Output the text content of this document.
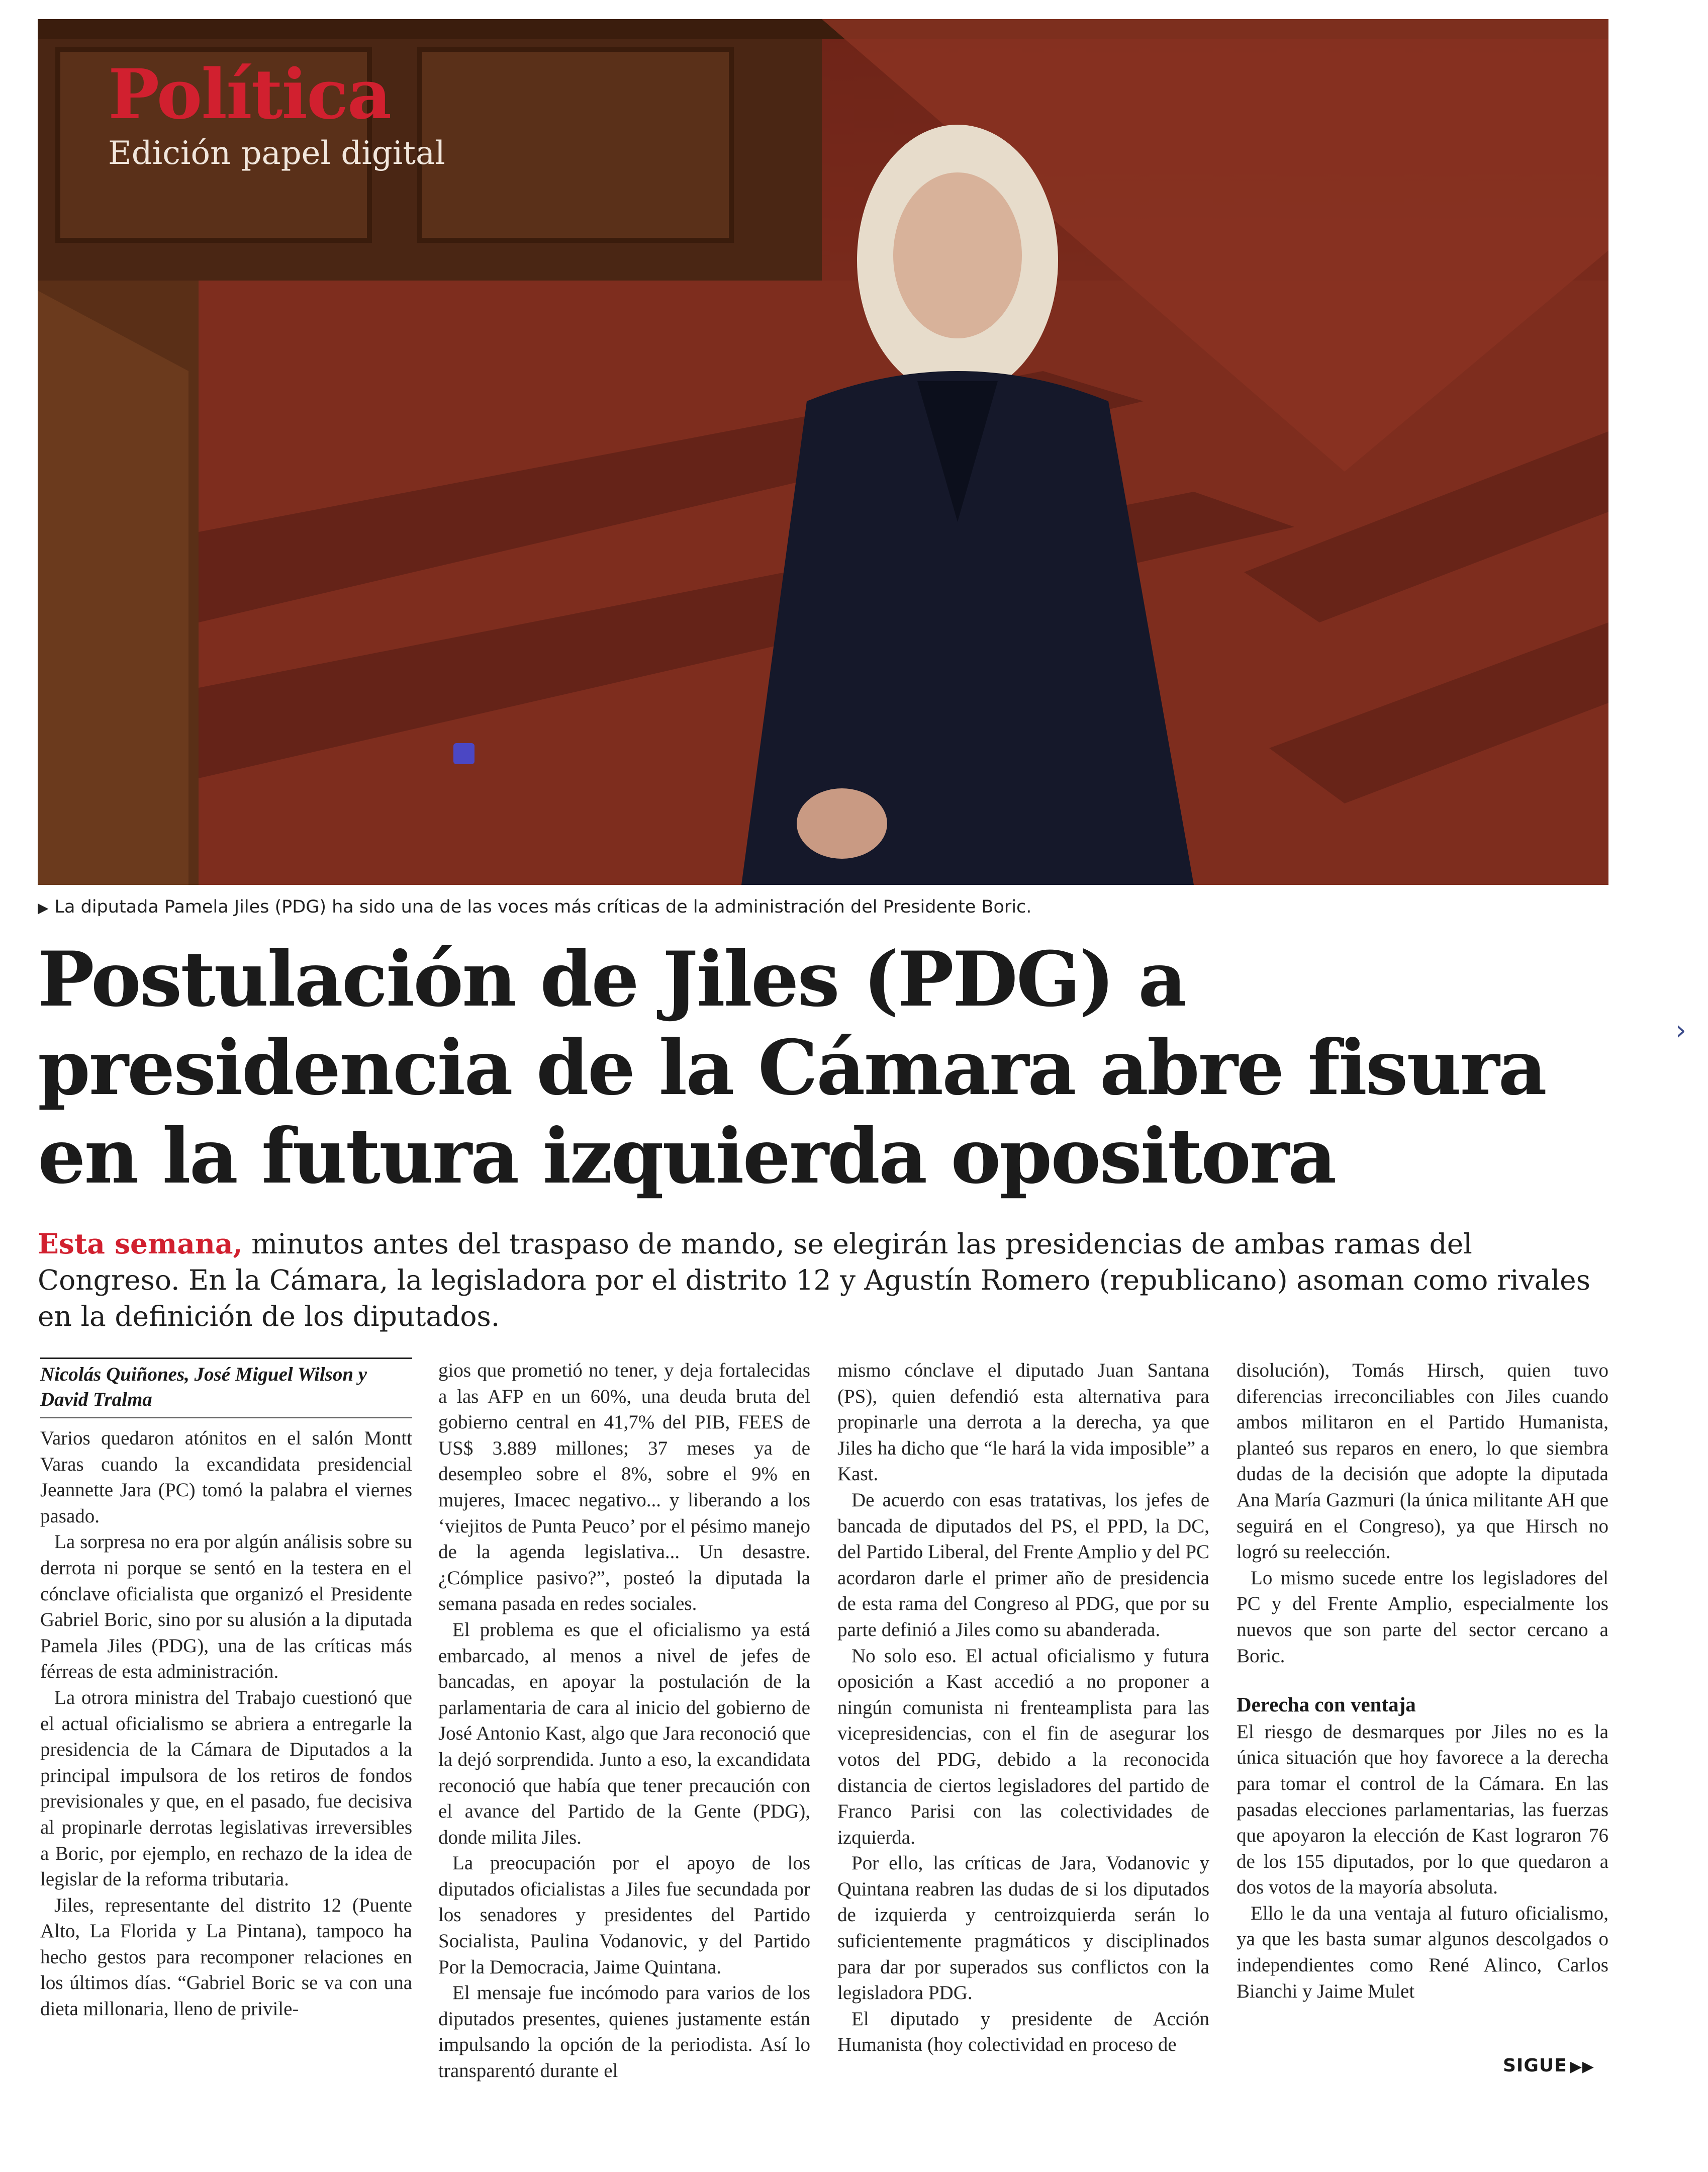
Política

Edición papel digital

▶ La diputada Pamela Jiles (PDG) ha sido una de las voces más críticas de la administración del Presidente Boric.
Postulación de Jiles (PDG) a presidencia de la Cámara abre fisura en la futura izquierda opositora
›

Esta semana, minutos antes del traspaso de mando, se elegirán las presidencias de ambas ramas del Congreso. En la Cámara, la legisladora por el distrito 12 y Agustín Romero (republicano) asoman como rivales en la definición de los diputados.

Nicolás Quiñones, José Miguel Wilson y David Tralma

Varios quedaron atónitos en el salón Montt Varas cuando la excandidata presidencial Jeannette Jara (PC) tomó la palabra el viernes pasado.

La sorpresa no era por algún análisis sobre su derrota ni porque se sentó en la testera en el cónclave oficialista que organizó el Presidente Gabriel Boric, sino por su alusión a la diputada Pamela Jiles (PDG), una de las críticas más férreas de esta administración.

La otrora ministra del Trabajo cuestionó que el actual oficialismo se abriera a entregarle la presidencia de la Cámara de Diputados a la principal impulsora de los retiros de fondos previsionales y que, en el pasado, fue decisiva al propinarle derrotas legislativas irreversibles a Boric, por ejemplo, en rechazo de la idea de legislar de la reforma tributaria.

Jiles, representante del distrito 12 (Puente Alto, La Florida y La Pintana), tampoco ha hecho gestos para recomponer relaciones en los últimos días. “Gabriel Boric se va con una dieta millonaria, lleno de privile-

gios que prometió no tener, y deja fortalecidas a las AFP en un 60%, una deuda bruta del gobierno central en 41,7% del PIB, FEES de US$ 3.889 millones; 37 meses ya de desempleo sobre el 8%, sobre el 9% en mujeres, Imacec negativo... y liberando a los ‘viejitos de Punta Peuco’ por el pésimo manejo de la agenda legislativa... Un desastre. ¿Cómplice pasivo?”, posteó la diputada la semana pasada en redes sociales.

El problema es que el oficialismo ya está embarcado, al menos a nivel de jefes de bancadas, en apoyar la postulación de la parlamentaria de cara al inicio del gobierno de José Antonio Kast, algo que Jara reconoció que la dejó sorprendida. Junto a eso, la excandidata reconoció que había que tener precaución con el avance del Partido de la Gente (PDG), donde milita Jiles.

La preocupación por el apoyo de los diputados oficialistas a Jiles fue secundada por los senadores y presidentes del Partido Socialista, Paulina Vodanovic, y del Partido Por la Democracia, Jaime Quintana.

El mensaje fue incómodo para varios de los diputados presentes, quienes justamente están impulsando la opción de la periodista. Así lo transparentó durante el

mismo cónclave el diputado Juan Santana (PS), quien defendió esta alternativa para propinarle una derrota a la derecha, ya que Jiles ha dicho que “le hará la vida imposible” a Kast.

De acuerdo con esas tratativas, los jefes de bancada de diputados del PS, el PPD, la DC, del Partido Liberal, del Frente Amplio y del PC acordaron darle el primer año de presidencia de esta rama del Congreso al PDG, que por su parte definió a Jiles como su abanderada.

No solo eso. El actual oficialismo y futura oposición a Kast accedió a no proponer a ningún comunista ni frenteamplista para las vicepresidencias, con el fin de asegurar los votos del PDG, debido a la reconocida distancia de ciertos legisladores del partido de Franco Parisi con las colectividades de izquierda.

Por ello, las críticas de Jara, Vodanovic y Quintana reabren las dudas de si los diputados de izquierda y centroizquierda serán lo suficientemente pragmáticos y disciplinados para dar por superados sus conflictos con la legisladora PDG.

El diputado y presidente de Acción Humanista (hoy colectividad en proceso de

disolución), Tomás Hirsch, quien tuvo diferencias irreconciliables con Jiles cuando ambos militaron en el Partido Humanista, planteó sus reparos en enero, lo que siembra dudas de la decisión que adopte la diputada Ana María Gazmuri (la única militante AH que seguirá en el Congreso), ya que Hirsch no logró su reelección.

Lo mismo sucede entre los legisladores del PC y del Frente Amplio, especialmente los nuevos que son parte del sector cercano a Boric.

Derecha con ventaja

El riesgo de desmarques por Jiles no es la única situación que hoy favorece a la derecha para tomar el control de la Cámara. En las pasadas elecciones parlamentarias, las fuerzas que apoyaron la elección de Kast lograron 76 de los 155 diputados, por lo que quedaron a dos votos de la mayoría absoluta.

Ello le da una ventaja al futuro oficialismo, ya que les basta sumar algunos descolgados o independientes como René Alinco, Carlos Bianchi y Jaime Mulet

SIGUE ▶▶
